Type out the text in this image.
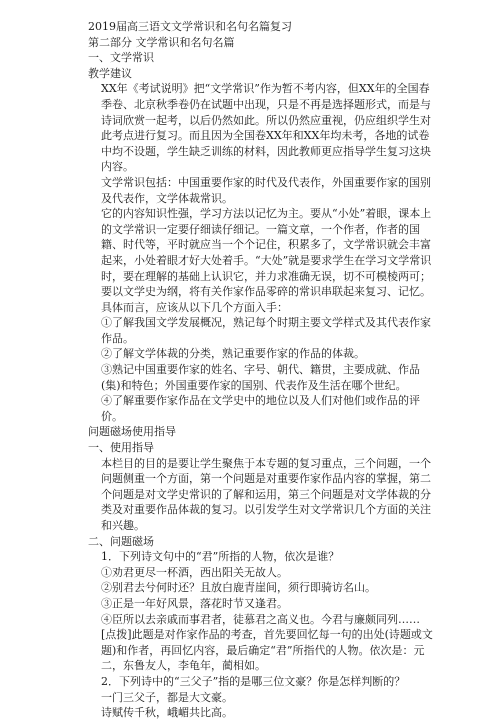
2019届高三语文文学常识和名句名篇复习
第二部分 文学常识和名句名篇
一、文学常识
教学建议

XX年《考试说明》把“文学常识”作为暂不考内容，但XX年的全国春季卷、北京秋季卷仍在试题中出现，只是不再是选择题形式，而是与诗词欣赏一起考，以后仍然如此。所以仍然应重视，仍应组织学生对此考点进行复习。而且因为全国卷XX年和XX年均未考，各地的试卷中均不设题，学生缺乏训练的材料，因此教师更应指导学生复习这块内容。

文学常识包括：中国重要作家的时代及代表作，外国重要作家的国别及代表作，文学体裁常识。

它的内容知识性强，学习方法以记忆为主。要从“小处”着眼，课本上的文学常识一定要仔细读仔细记。一篇文章，一个作者，作者的国籍、时代等，平时就应当一个个记住，积累多了，文学常识就会丰富起来，小处着眼才好大处着手。“大处”就是要求学生在学习文学常识时，要在理解的基础上认识它，并力求准确无误，切不可模棱两可；要以文学史为纲，将有关作家作品零碎的常识串联起来复习、记忆。

具体而言，应该从以下几个方面入手：

①了解我国文学发展概况，熟记每个时期主要文学样式及其代表作家作品。

②了解文学体裁的分类，熟记重要作家的作品的体裁。

③熟记中国重要作家的姓名、字号、朝代、籍贯，主要成就、作品(集)和特色；外国重要作家的国别、代表作及生活在哪个世纪。

④了解重要作家作品在文学史中的地位以及人们对他们或作品的评价。

问题磁场使用指导
一、使用指导

本栏目的目的是要让学生聚焦于本专题的复习重点，三个问题，一个问题侧重一个方面，第一个问题是对重要作家作品内容的掌握，第二个问题是对文学史常识的了解和运用，第三个问题是对文学体裁的分类及对重要作品体裁的复习。以引发学生对文学常识几个方面的关注和兴趣。

二、问题磁场
1．下列诗文句中的“君”所指的人物，依次是谁？
①劝君更尽一杯酒，西出阳关无故人。

②别君去兮何时还？且放白鹿青崖间，须行即骑访名山。

③正是一年好风景，落花时节又逢君。

④臣所以去亲戚而事君者，徒慕君之高义也。今君与廉颇同列……

[点拨]此题是对作家作品的考查，首先要回忆每一句的出处(诗题或文题)和作者，再回忆内容，最后确定“君”所指代的人物。依次是：元二，东鲁友人，李龟年，蔺相如。

2．下列诗中的“三父子”指的是哪三位文豪？你是怎样判断的？
一门三父子，都是大文豪。
诗赋传千秋，峨嵋共比高。
